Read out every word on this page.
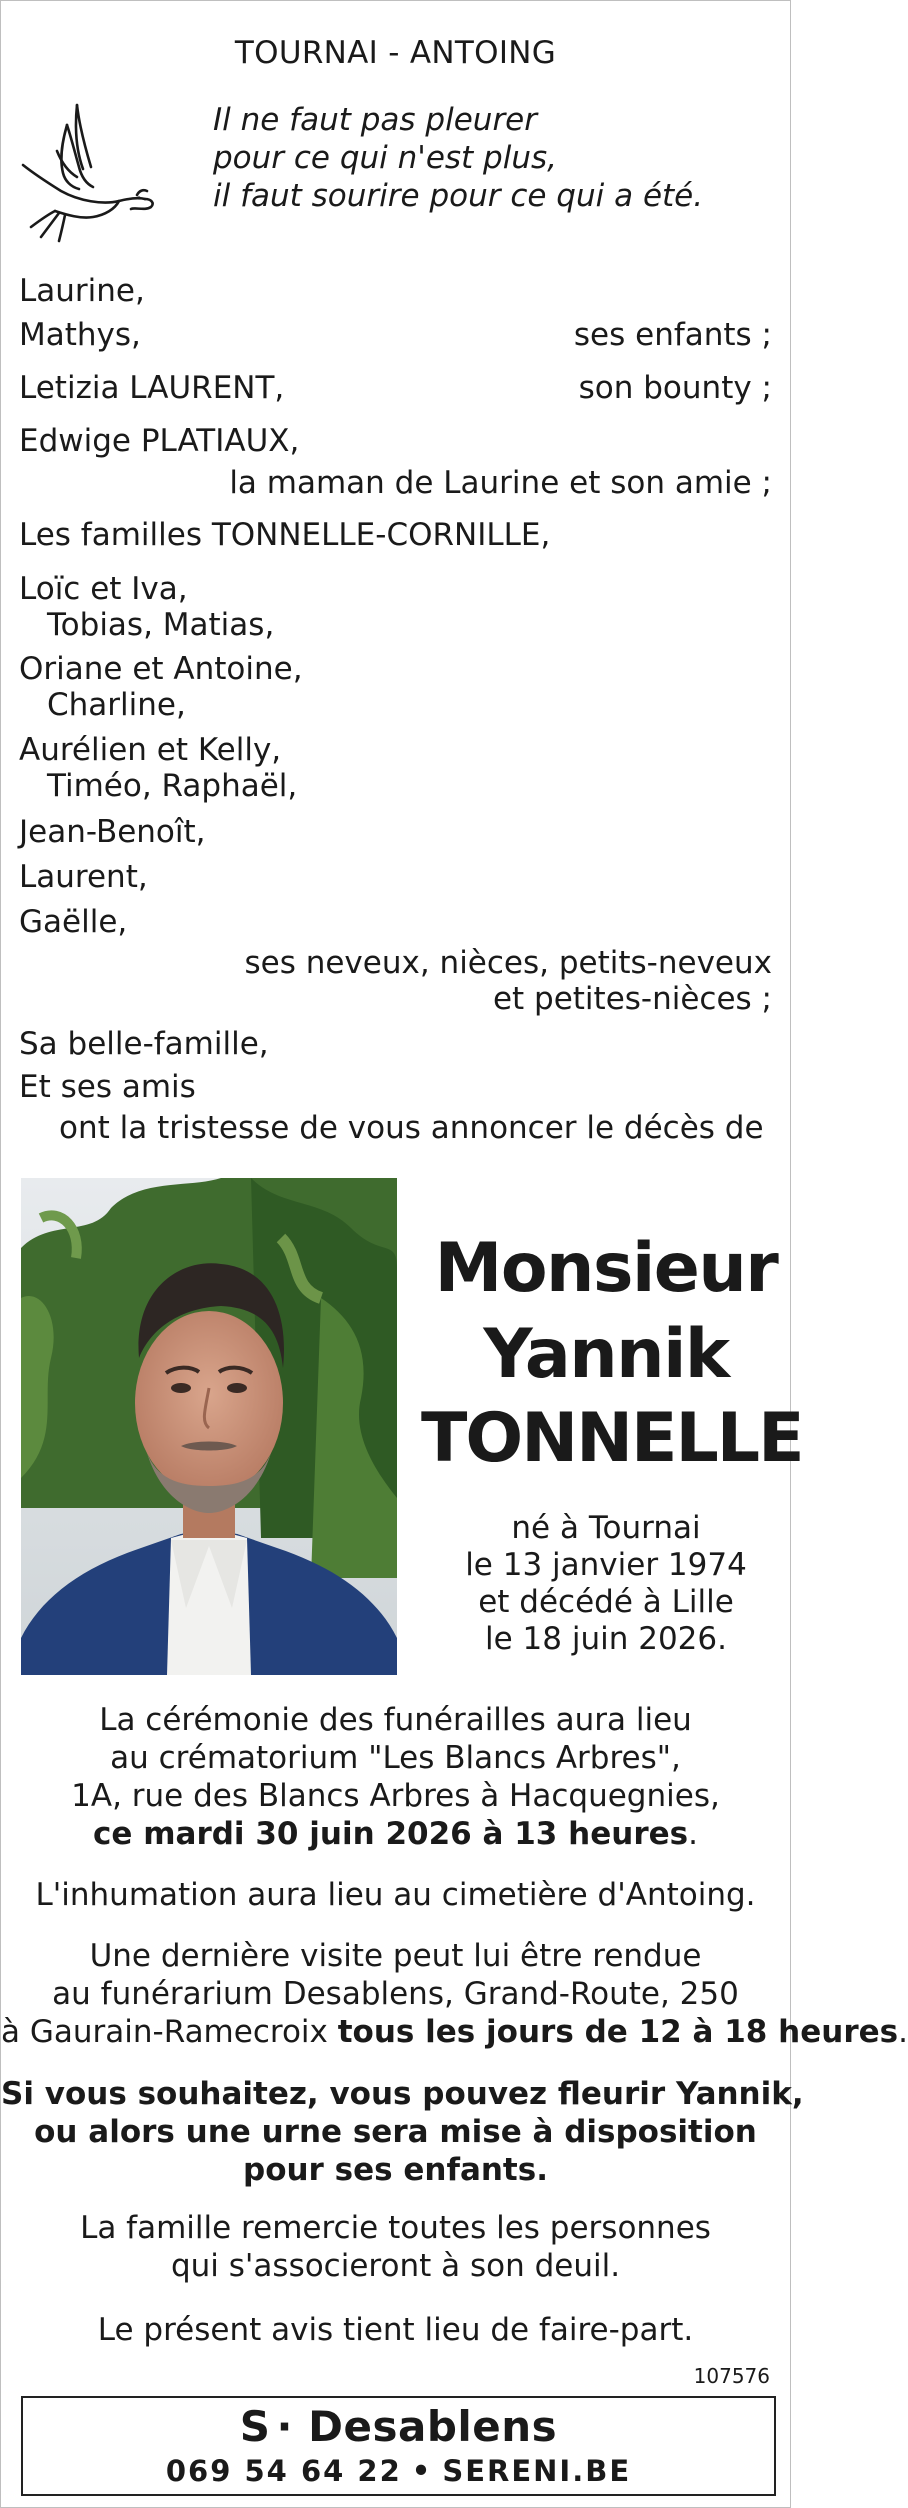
TOURNAI - ANTOING
Il ne faut pas pleurer
pour ce qui n'est plus,
il faut sourire pour ce qui a été.
Laurine,
Mathys,	ses enfants ;
Letizia LAURENT,	son bounty ;
Edwige PLATIAUX,
la maman de Laurine et son amie ;
Les familles TONNELLE-CORNILLE,
Loïc et Iva,
Tobias, Matias,
Oriane et Antoine,
Charline,
Aurélien et Kelly,
Timéo, Raphaël,
Jean-Benoît,
Laurent,
Gaëlle,
ses neveux, nièces, petits-neveux
et petites-nièces ;
Sa belle-famille,
Et ses amis
ont la tristesse de vous annoncer le décès de
Monsieur
Yannik
TONNELLE
né à Tournai
le 13 janvier 1974
et décédé à Lille
le 18 juin 2026.
La cérémonie des funérailles aura lieu
au crématorium "Les Blancs Arbres",
1A, rue des Blancs Arbres à Hacquegnies,
ce mardi 30 juin 2026 à 13 heures.
L'inhumation aura lieu au cimetière d'Antoing.
Une dernière visite peut lui être rendue
au funérarium Desablens, Grand-Route, 250
à Gaurain-Ramecroix tous les jours de 12 à 18 heures.
Si vous souhaitez, vous pouvez fleurir Yannik,
ou alors une urne sera mise à disposition
pour ses enfants.
La famille remercie toutes les personnes
qui s'associeront à son deuil.
Le présent avis tient lieu de faire-part.
107576
S · Desablens
069 54 64 22 • SERENI.BE
